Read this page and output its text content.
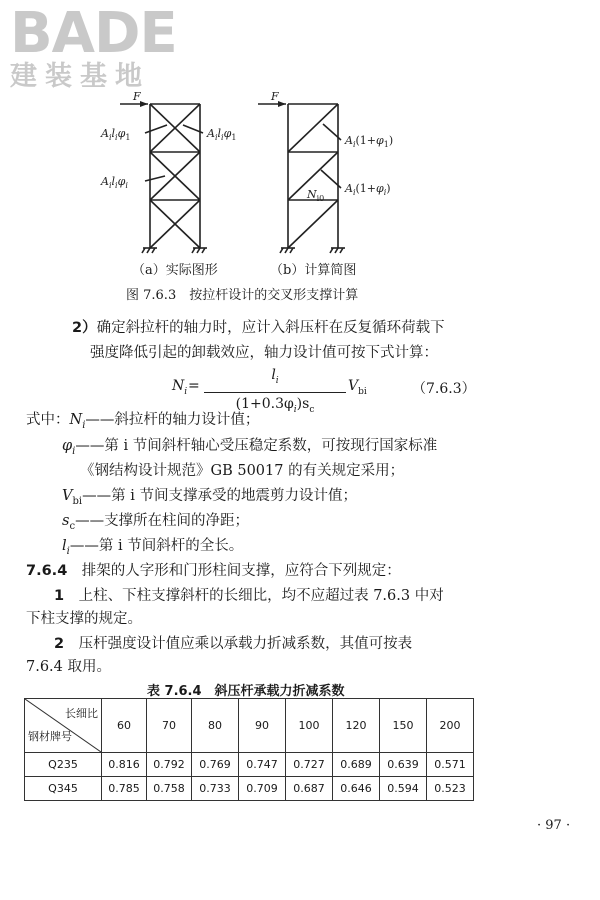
BADE
建装基地
F	F
$A_il_i\varphi_1$	$A_il_i\varphi_1$
$A_il_i\varphi_i$
$A_i(1+\varphi_1)$
$A_i(1+\varphi_i)$
$N_{i0}$
（a）实际图形	（b）计算简图
图 7.6.3　按拉杆设计的交叉形支撑计算
2）确定斜拉杆的轴力时，应计入斜压杆在反复循环荷载下
强度降低引起的卸载效应，轴力设计值可按下式计算：
$N_i$ =
$l_i$
$(1+0.3\varphi_i)s_c$
$V_{bi}$	（7.6.3）
式中：$N_i——$斜拉杆的轴力设计值；
$\varphi_i——$第 i 节间斜杆轴心受压稳定系数，可按现行国家标准
《钢结构设计规范》GB 50017 的有关规定采用；
$V_{bi}——$第 i 节间支撑承受的地震剪力设计值；
$s_c——$支撑所在柱间的净距；
$l_i——$第 i 节间斜杆的全长。
7.6.4　 排架的人字形和门形柱间支撑，应符合下列规定：
1　 上柱、下柱支撑斜杆的长细比，均不应超过表 7.6.3 中对
下柱支撑的规定。
2　 压杆强度设计值应乘以承载力折减系数，其值可按表
7.6.4 取用。
表 7.6.4　斜压杆承载力折减系数
长细比
钢材牌号	60	70	80	90	100	120	150	200
Q235	0.816	0.792	0.769	0.747	0.727	0.689	0.639	0.571
Q345	0.785	0.758	0.733	0.709	0.687	0.646	0.594	0.523
· 97 ·
